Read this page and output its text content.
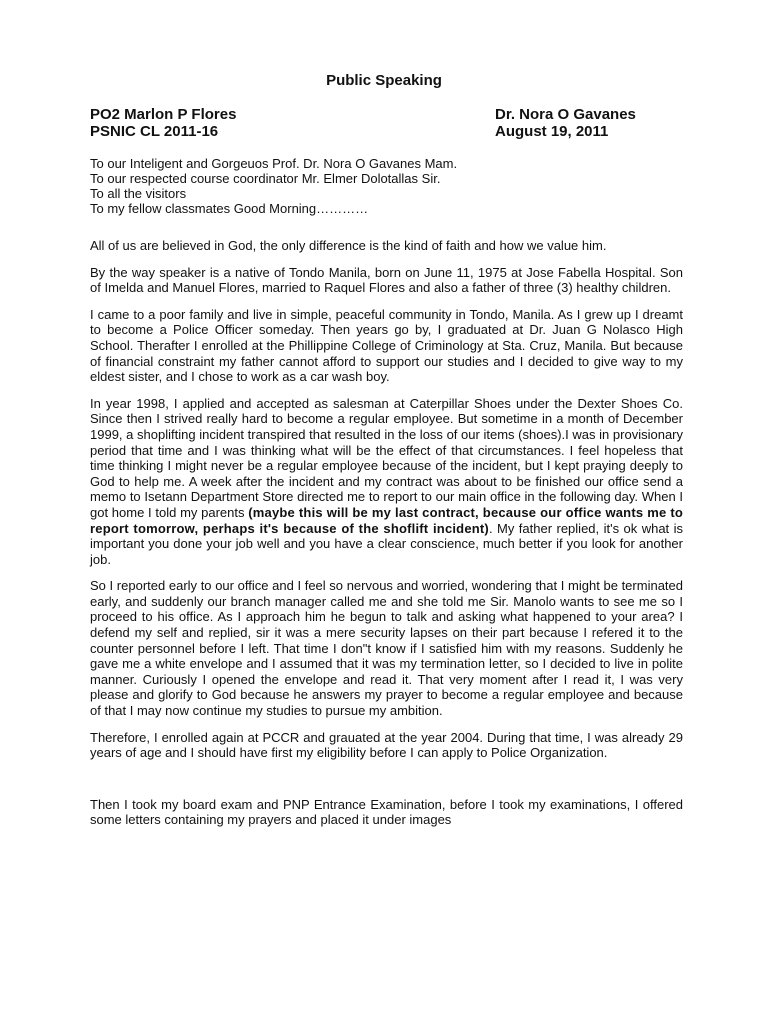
Public Speaking
PO2 Marlon P Flores	Dr. Nora O Gavanes
PSNIC CL 2011-16	August 19, 2011
To our Inteligent and Gorgeuos Prof. Dr. Nora O Gavanes Mam.
To our respected course coordinator Mr. Elmer Dolotallas Sir.
To all the visitors
To my fellow classmates Good Morning…………

All of us are believed in God, the only difference is the kind of faith and how we value him.

By the way speaker is a native of Tondo Manila, born on June 11, 1975 at Jose Fabella Hospital. Son of Imelda and Manuel Flores, married to Raquel Flores and also a father of three (3) healthy children.

I came to a poor family and live in simple, peaceful community in Tondo, Manila. As I grew up I dreamt to become a Police Officer someday. Then years go by, I graduated at Dr. Juan G Nolasco High School. Therafter I enrolled at the Phillippine College of Criminology at Sta. Cruz, Manila. But because of financial constraint my father cannot afford to support our studies and I decided to give way to my eldest sister, and I chose to work as a car wash boy.

In year 1998, I applied and accepted as salesman at Caterpillar Shoes under the Dexter Shoes Co. Since then I strived really hard to become a regular employee. But sometime in a month of December 1999, a shoplifting incident transpired that resulted in the loss of our items (shoes).I was in provisionary period that time and I was thinking what will be the effect of that circumstances. I feel hopeless that time thinking I might never be a regular employee because of the incident, but I kept praying deeply to God to help me. A week after the incident and my contract was about to be finished our office send a memo to Isetann Department Store directed me to report to our main office in the following day. When I got home I told my parents (maybe this will be my last contract, because our office wants me to report tomorrow, perhaps it's because of the shoflift incident). My father replied, it's ok what is important you done your job well and you have a clear conscience, much better if you look for another job.

So I reported early to our office and I feel so nervous and worried, wondering that I might be terminated early, and suddenly our branch manager called me and she told me Sir. Manolo wants to see me so I proceed to his office. As I approach him he begun to talk and asking what happened to your area? I defend my self and replied, sir it was a mere security lapses on their part because I refered it to the counter personnel before I left. That time I don"t know if I satisfied him with my reasons. Suddenly he gave me a white envelope and I assumed that it was my termination letter, so I decided to live in polite manner. Curiously I opened the envelope and read it. That very moment after I read it, I was very please and glorify to God because he answers my prayer to become a regular employee and because of that I may now continue my studies to pursue my ambition.

Therefore, I enrolled again at PCCR and grauated at the year 2004. During that time, I was already 29 years of age and I should have first my eligibility before I can apply to Police Organization.

Then I took my board exam and PNP Entrance Examination, before I took my examinations, I offered some letters containing my prayers and placed it under images
